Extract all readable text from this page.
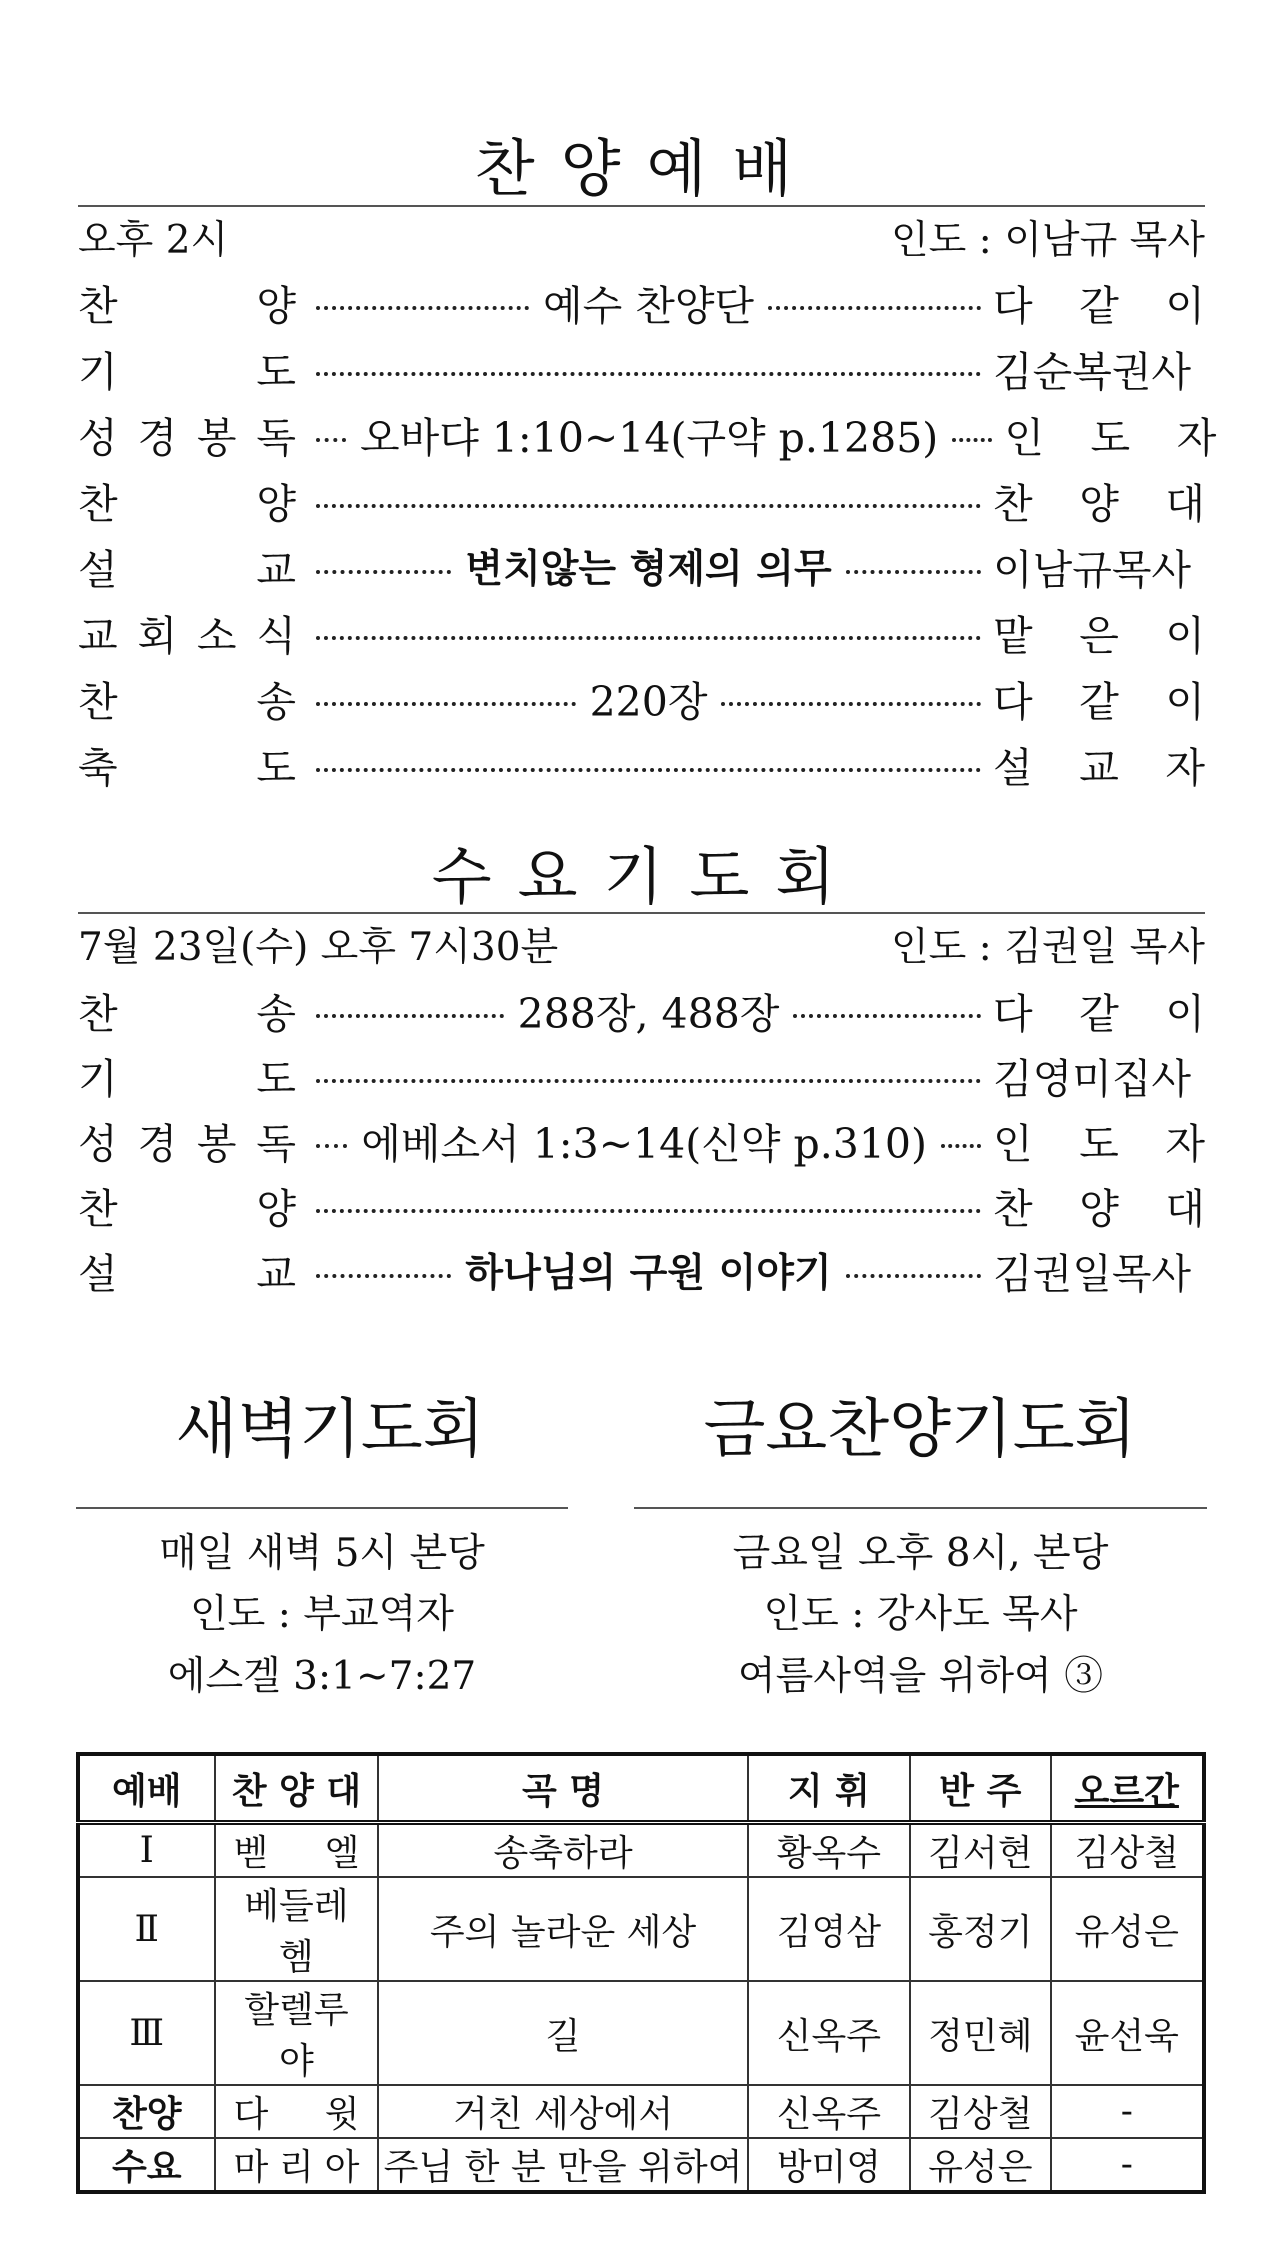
찬양예배
오후 2시	인도 : 이남규 목사
찬	양	예수 찬양단	다 같 이
기	도	김순복권사
성 경 봉 독	오바댜 1:10~14(구약 p.1285)	인 도 자
찬	양	찬 양 대
설	교	변치않는 형제의 의무	이남규목사
교 회 소 식	맡 은 이
찬	송	220장	다 같 이
축	도	설 교 자
수요기도회
7월 23일(수) 오후 7시30분	인도 : 김권일 목사
찬	송	288장, 488장	다 같 이
기	도	김영미집사
성 경 봉 독	에베소서 1:3~14(신약 p.310)	인 도 자
찬	양	찬 양 대
설	교	하나님의 구원 이야기	김권일목사
새벽기도회
매일 새벽 5시 본당
인도 : 부교역자
에스겔 3:1~7:27
금요찬양기도회
금요일 오후 8시, 본당
인도 : 강사도 목사
여름사역을 위하여 ③
예배	찬 양 대	곡 명	지 휘	반 주	오르간
Ⅰ	벧 엘	송축하라	황옥수	김서현	김상철
Ⅱ	베들레헴	주의 놀라운 세상	김영삼	홍정기	유성은
Ⅲ	할렐루야	길	신옥주	정민혜	윤선욱
찬양	다 윗	거친 세상에서	신옥주	김상철	-
수요	마 리 아	주님 한 분 만을 위하여	방미영	유성은	-
